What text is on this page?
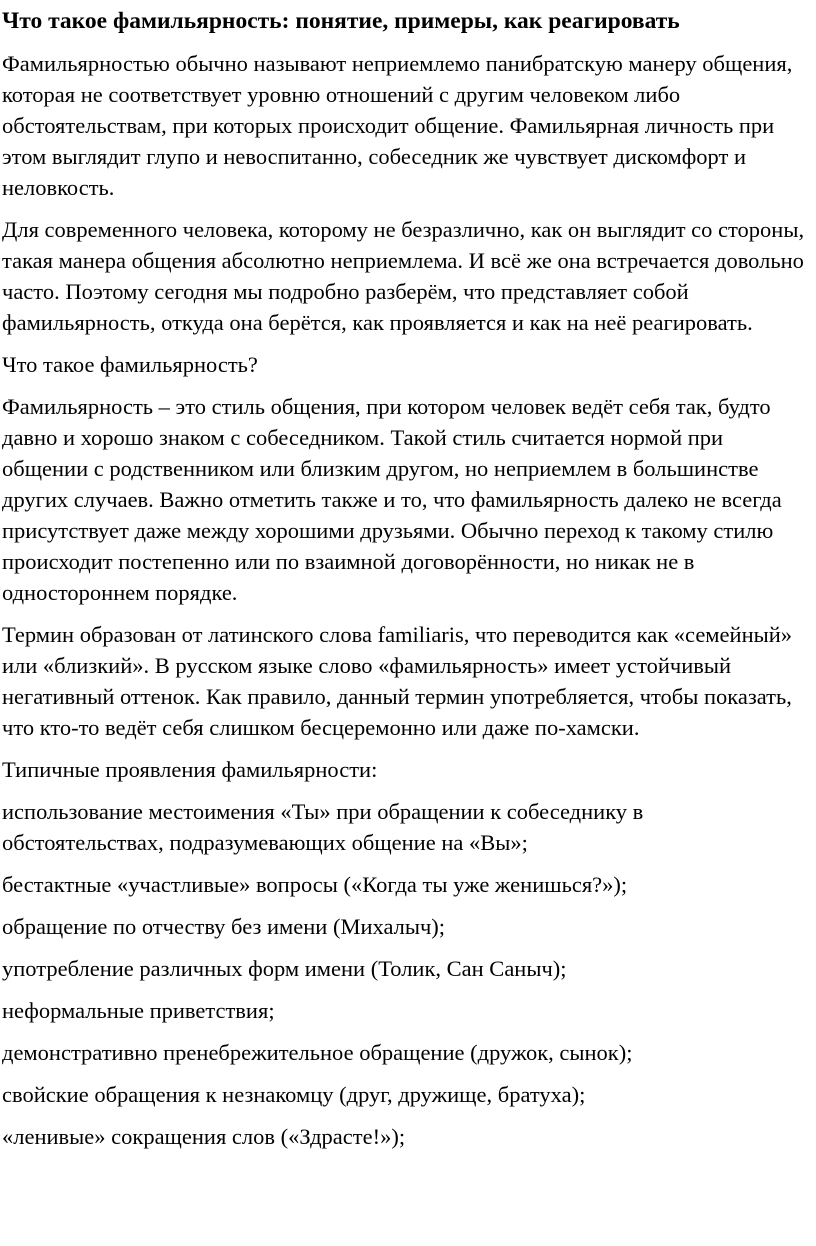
Что такое фамильярность: понятие, примеры, как реагировать

Фамильярностью обычно называют неприемлемо панибратскую манеру общения, которая не соответствует уровню отношений с другим человеком либо обстоятельствам, при которых происходит общение. Фамильярная личность при этом выглядит глупо и невоспитанно, собеседник же чувствует дискомфорт и неловкость.

Для современного человека, которому не безразлично, как он выглядит со стороны, такая манера общения абсолютно неприемлема. И всё же она встречается довольно часто. Поэтому сегодня мы подробно разберём, что представляет собой фамильярность, откуда она берётся, как проявляется и как на неё реагировать.

Что такое фамильярность?

Фамильярность – это стиль общения, при котором человек ведёт себя так, будто давно и хорошо знаком с собеседником. Такой стиль считается нормой при общении с родственником или близким другом, но неприемлем в большинстве других случаев. Важно отметить также и то, что фамильярность далеко не всегда присутствует даже между хорошими друзьями. Обычно переход к такому стилю происходит постепенно или по взаимной договорённости, но никак не в одностороннем порядке.

Термин образован от латинского слова familiaris, что переводится как «семейный» или «близкий». В русском языке слово «фамильярность» имеет устойчивый негативный оттенок. Как правило, данный термин употребляется, чтобы показать, что кто-то ведёт себя слишком бесцеремонно или даже по-хамски.

Типичные проявления фамильярности:

использование местоимения «Ты» при обращении к собеседнику в обстоятельствах, подразумевающих общение на «Вы»;
бестактные «участливые» вопросы («Когда ты уже женишься?»);
обращение по отчеству без имени (Михалыч);
употребление различных форм имени (Толик, Сан Саныч);
неформальные приветствия;
демонстративно пренебрежительное обращение (дружок, сынок);
свойские обращения к незнакомцу (друг, дружище, братуха);
«ленивые» сокращения слов («Здрасте!»);
